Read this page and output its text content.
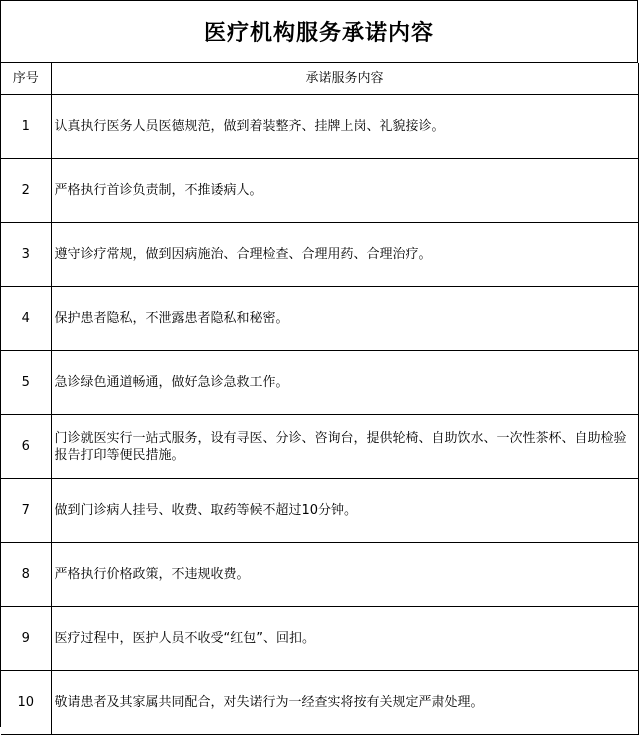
医疗机构服务承诺内容
序号	承诺服务内容
1	认真执行医务人员医德规范，做到着装整齐、挂牌上岗、礼貌接诊。
2	严格执行首诊负责制，不推诿病人。
3	遵守诊疗常规，做到因病施治、合理检查、合理用药、合理治疗。
4	保护患者隐私，不泄露患者隐私和秘密。
5	急诊绿色通道畅通，做好急诊急救工作。
6	门诊就医实行一站式服务，设有寻医、分诊、咨询台，提供轮椅、自助饮水、一次性茶杯、自助检验报告打印等便民措施。
7	做到门诊病人挂号、收费、取药等候不超过10分钟。
8	严格执行价格政策，不违规收费。
9	医疗过程中，医护人员不收受“红包”、回扣。
10	敬请患者及其家属共同配合，对失诺行为一经查实将按有关规定严肃处理。
